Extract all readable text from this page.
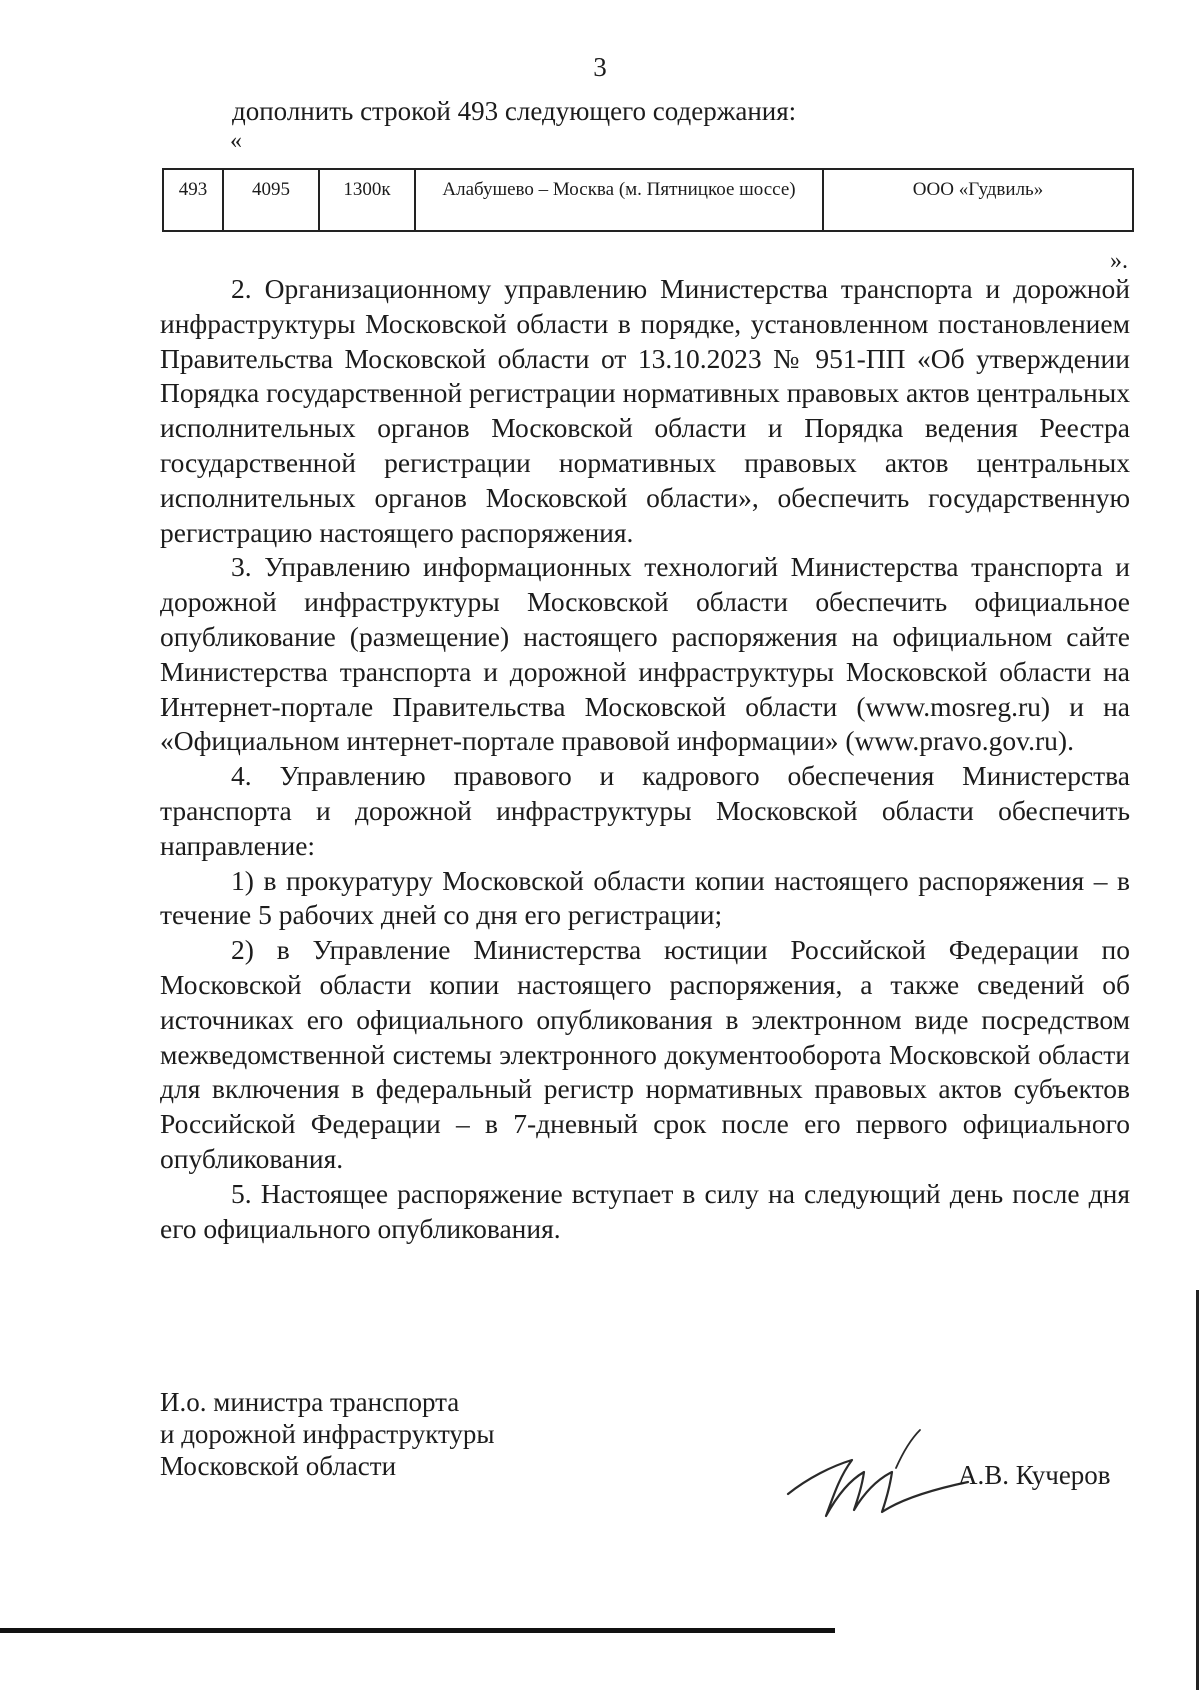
3
дополнить строкой 493 следующего содержания:
«
493	4095	1300к	Алабушево – Москва (м. Пятницкое шоссе)	ООО «Гудвиль»
».

2. Организационному управлению Министерства транспорта и дорожной инфраструктуры Московской области в порядке, установленном постановлением Правительства Московской области от 13.10.2023 № 951-ПП «Об утверждении Порядка государственной регистрации нормативных правовых актов центральных исполнительных органов Московской области и Порядка ведения Реестра государственной регистрации нормативных правовых актов центральных исполнительных органов Московской области», обеспечить государственную регистрацию настоящего распоряжения.

3. Управлению информационных технологий Министерства транспорта и дорожной инфраструктуры Московской области обеспечить официальное опубликование (размещение) настоящего распоряжения на официальном сайте Министерства транспорта и дорожной инфраструктуры Московской области на Интернет-портале Правительства Московской области (www.mosreg.ru) и на «Официальном интернет-портале правовой информации» (www.pravo.gov.ru).

4. Управлению правового и кадрового обеспечения Министерства транспорта и дорожной инфраструктуры Московской области обеспечить направление:

1) в прокуратуру Московской области копии настоящего распоряжения – в течение 5 рабочих дней со дня его регистрации;

2) в Управление Министерства юстиции Российской Федерации по Московской области копии настоящего распоряжения, а также сведений об источниках его официального опубликования в электронном виде посредством межведомственной системы электронного документооборота Московской области для включения в федеральный регистр нормативных правовых актов субъектов Российской Федерации – в 7-дневный срок после его первого официального опубликования.

5. Настоящее распоряжение вступает в силу на следующий день после дня его официального опубликования.

И.о. министра транспорта
и дорожной инфраструктуры
Московской области	А.В. Кучеров
